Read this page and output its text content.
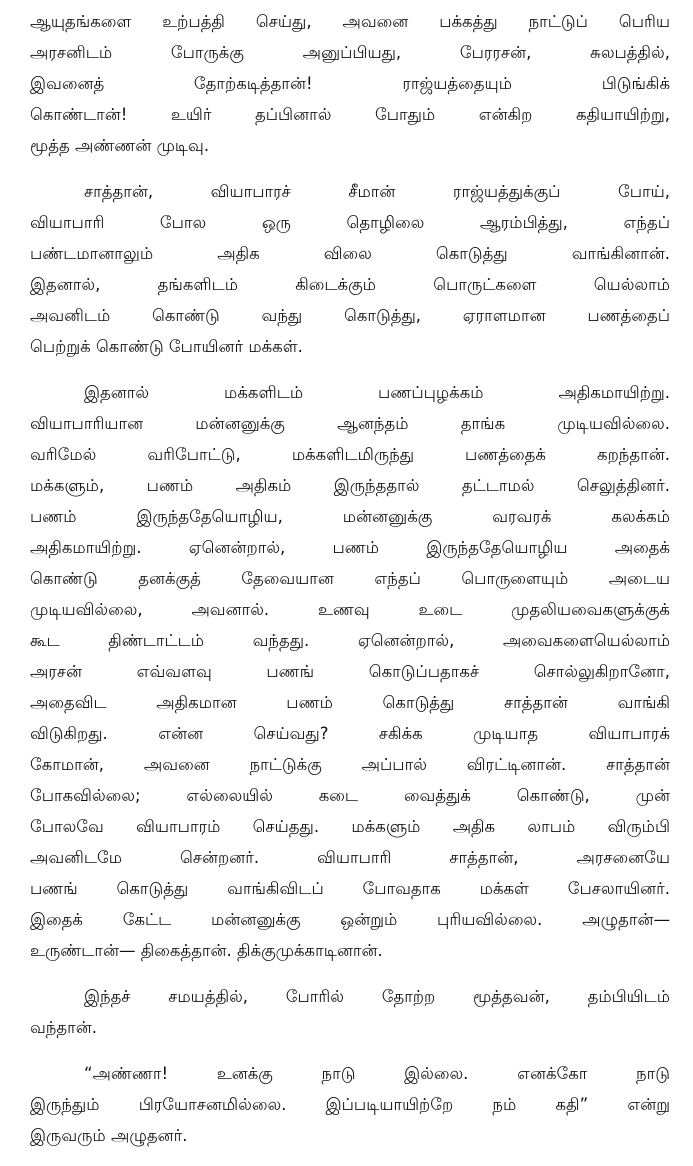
ஆயுதங்களை உற்பத்தி செய்து, அவனை பக்கத்து நாட்டுப் பெரிய
அரசனிடம் போருக்கு அனுப்பியது, பேரரசன், சுலபத்தில்,
இவனைத் தோற்கடித்தான்! ராஜ்யத்தையும் பிடுங்கிக்
கொண்டான்! உயிர் தப்பினால் போதும் என்கிற கதியாயிற்று,
மூத்த அண்ணன் முடிவு.
சாத்தான், வியாபாரச் சீமான் ராஜ்யத்துக்குப் போய்,
வியாபாரி போல ஒரு தொழிலை ஆரம்பித்து, எந்தப்
பண்டமானாலும் அதிக விலை கொடுத்து வாங்கினான்.
இதனால், தங்களிடம் கிடைக்கும் பொருட்களை யெல்லாம்
அவனிடம் கொண்டு வந்து கொடுத்து, ஏராளமான பணத்தைப்
பெற்றுக் கொண்டு போயினர் மக்கள்.
இதனால் மக்களிடம் பணப்புழக்கம் அதிகமாயிற்று.
வியாபாரியான மன்னனுக்கு ஆனந்தம் தாங்க முடியவில்லை.
வரிமேல் வரிபோட்டு, மக்களிடமிருந்து பணத்தைக் கறந்தான்.
மக்களும், பணம் அதிகம் இருந்ததால் தட்டாமல் செலுத்தினர்.
பணம் இருந்ததேயொழிய, மன்னனுக்கு வரவரக் கலக்கம்
அதிகமாயிற்று. ஏனென்றால், பணம் இருந்ததேயொழிய அதைக்
கொண்டு தனக்குத் தேவையான எந்தப் பொருளையும் அடைய
முடியவில்லை, அவனால். உணவு உடை முதலியவைகளுக்குக்
கூட திண்டாட்டம் வந்தது. ஏனென்றால், அவைகளையெல்லாம்
அரசன் எவ்வளவு பணங் கொடுப்பதாகச் சொல்லுகிறானோ,
அதைவிட அதிகமான பணம் கொடுத்து சாத்தான் வாங்கி
விடுகிறது. என்ன செய்வது? சகிக்க முடியாத வியாபாரக்
கோமான், அவனை நாட்டுக்கு அப்பால் விரட்டினான். சாத்தான்
போகவில்லை; எல்லையில் கடை வைத்துக் கொண்டு, முன்
போலவே வியாபாரம் செய்தது. மக்களும் அதிக லாபம் விரும்பி
அவனிடமே சென்றனர். வியாபாரி சாத்தான், அரசனையே
பணங் கொடுத்து வாங்கிவிடப் போவதாக மக்கள் பேசலாயினர்.
இதைக் கேட்ட மன்னனுக்கு ஒன்றும் புரியவில்லை. அழுதான்—
உருண்டான்— திகைத்தான். திக்குமுக்காடினான்.
இந்தச் சமயத்தில், போரில் தோற்ற மூத்தவன், தம்பியிடம்
வந்தான்.
“அண்ணா! உனக்கு நாடு இல்லை. எனக்கோ நாடு
இருந்தும் பிரயோசனமில்லை. இப்படியாயிற்றே நம் கதி” என்று
இருவரும் அழுதனர்.
